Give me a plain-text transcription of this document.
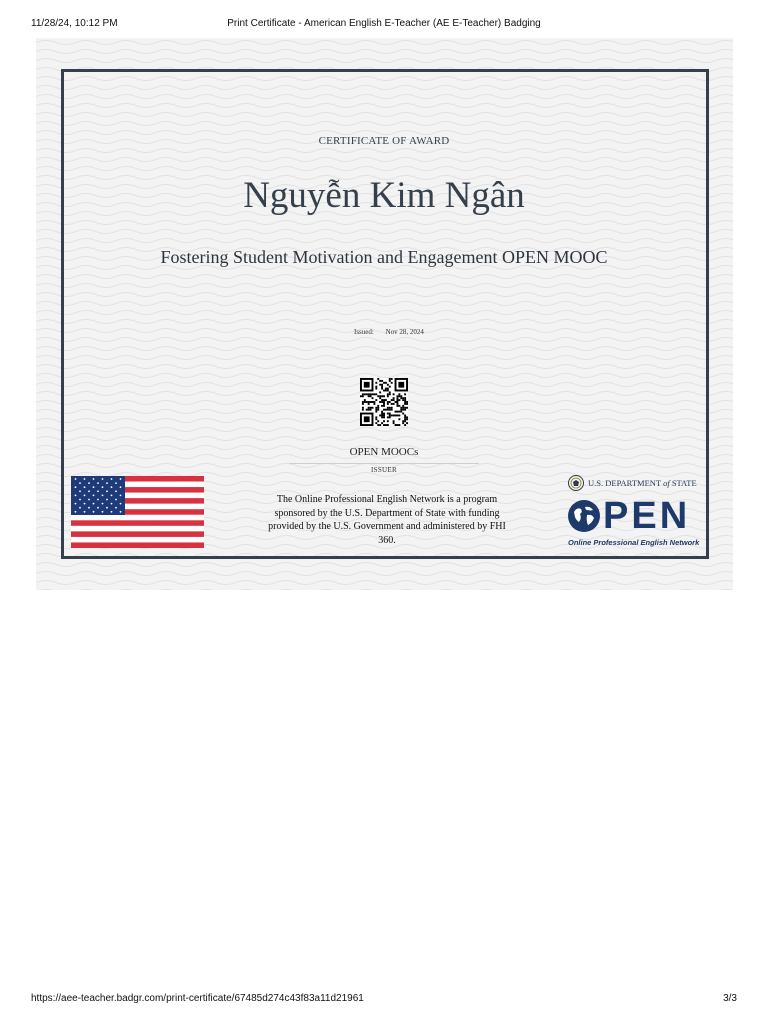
11/28/24, 10:12 PM	Print Certificate - American English E-Teacher (AE E-Teacher) Badging
CERTIFICATE OF AWARD
Nguyễn Kim Ngân
Fostering Student Motivation and Engagement OPEN MOOC
Issued: Nov 28, 2024
OPEN MOOCs
ISSUER
The Online Professional English Network is a program sponsored by the U.S. Department of State with funding provided by the U.S. Government and administered by FHI 360.
U.S. DEPARTMENT of STATE
PEN
Online Professional English Network
https://aee-teacher.badgr.com/print-certificate/67485d274c43f83a11d21961	3/3
